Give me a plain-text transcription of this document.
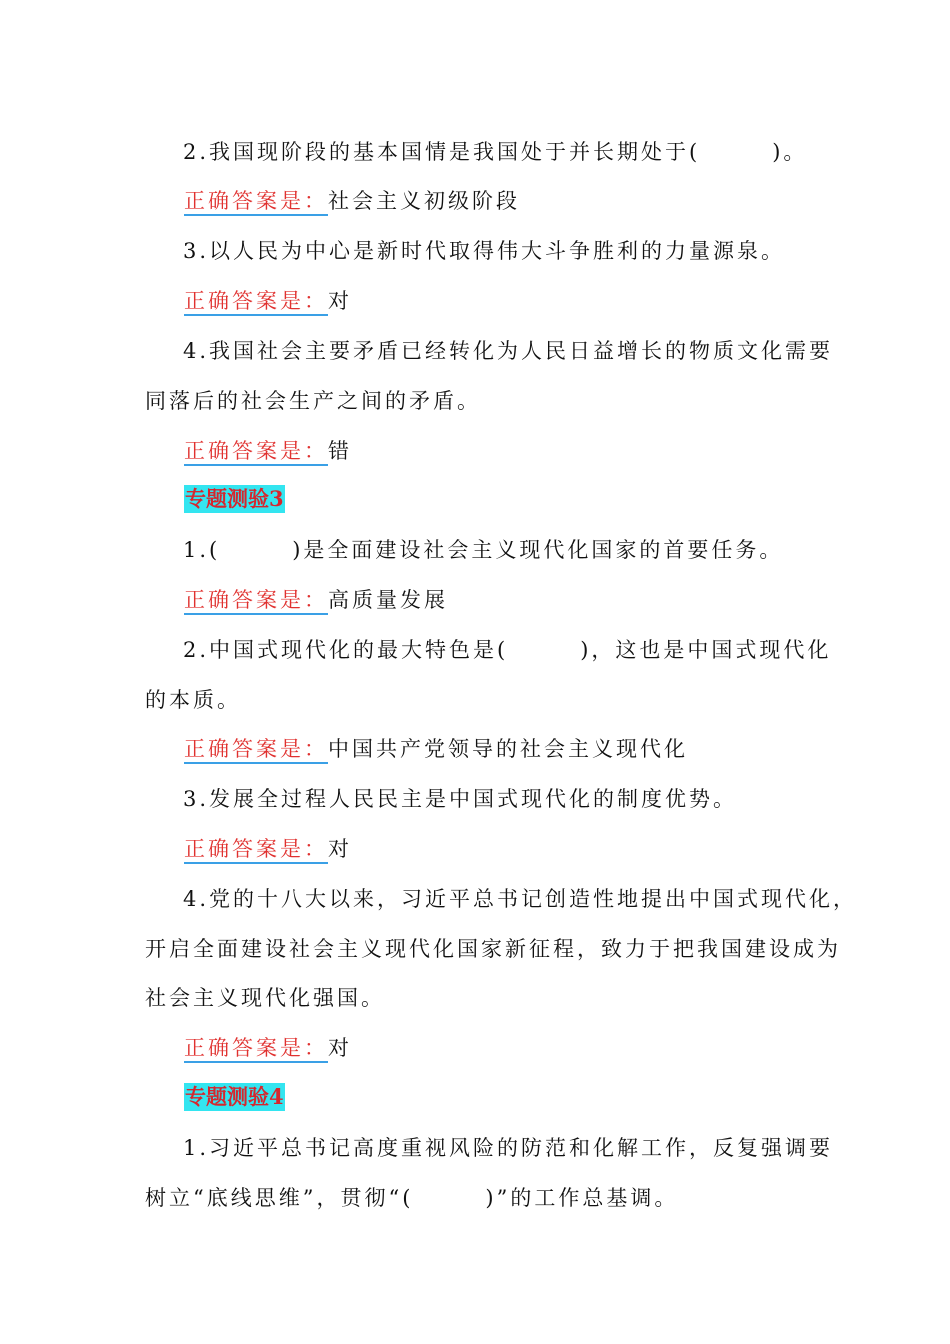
2.我国现阶段的基本国情是我国处于并长期处于(　　　)。
正确答案是：社会主义初级阶段
3.以人民为中心是新时代取得伟大斗争胜利的力量源泉。
正确答案是：对
4.我国社会主要矛盾已经转化为人民日益增长的物质文化需要
同落后的社会生产之间的矛盾。
正确答案是：错
专题测验3
1.(　　　)是全面建设社会主义现代化国家的首要任务。
正确答案是：高质量发展
2.中国式现代化的最大特色是(　　　)，这也是中国式现代化
的本质。
正确答案是：中国共产党领导的社会主义现代化
3.发展全过程人民民主是中国式现代化的制度优势。
正确答案是：对
4.党的十八大以来，习近平总书记创造性地提出中国式现代化，
开启全面建设社会主义现代化国家新征程，致力于把我国建设成为
社会主义现代化强国。
正确答案是：对
专题测验4
1.习近平总书记高度重视风险的防范和化解工作，反复强调要
树立“底线思维”，贯彻“(　　　)”的工作总基调。
